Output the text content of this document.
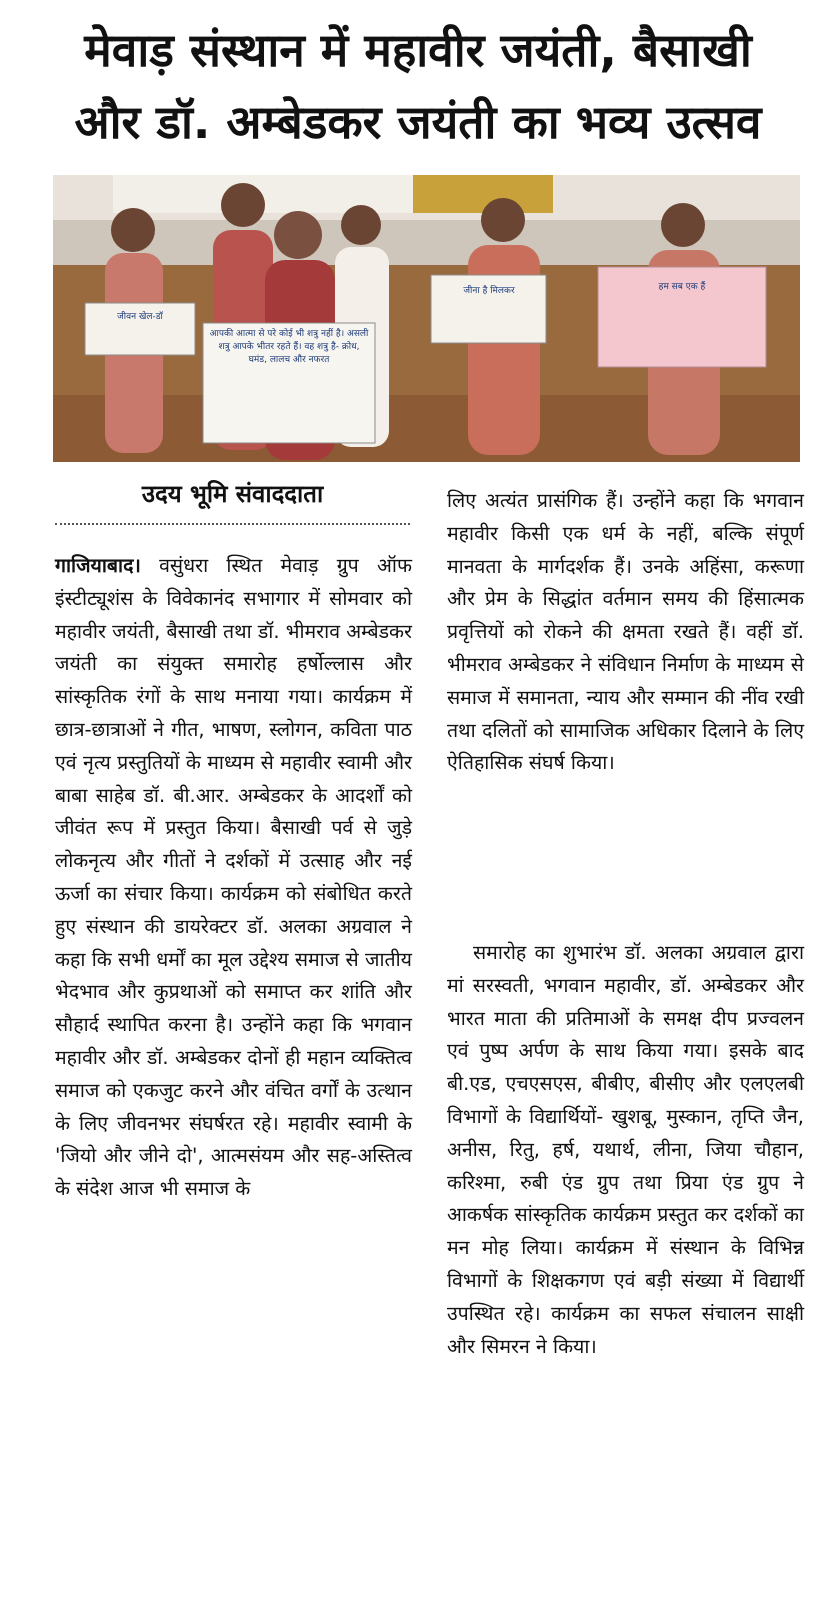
मेवाड़ संस्थान में महावीर जयंती, बैसाखी
और डॉ. अम्बेडकर जयंती का भव्य उत्सव
जीवन खेल-डॉ
आपकी आत्मा से परे कोई भी शत्रु नहीं है। असली शत्रु आपके भीतर रहते हैं। वह शत्रु है- क्रोध, घमंड, लालच और नफरत
जीना है मिलकर	हम सब एक हैं
उदय भूमि संवाददाता

गाजियाबाद। वसुंधरा स्थित मेवाड़ ग्रुप ऑफ इंस्टीट्यूशंस के विवेकानंद सभागार में सोमवार को महावीर जयंती, बैसाखी तथा डॉ. भीमराव अम्बेडकर जयंती का संयुक्त समारोह हर्षोल्लास और सांस्कृतिक रंगों के साथ मनाया गया। कार्यक्रम में छात्र-छात्राओं ने गीत, भाषण, स्लोगन, कविता पाठ एवं नृत्य प्रस्तुतियों के माध्यम से महावीर स्वामी और बाबा साहेब डॉ. बी.आर. अम्बेडकर के आदर्शों को जीवंत रूप में प्रस्तुत किया। बैसाखी पर्व से जुड़े लोकनृत्य और गीतों ने दर्शकों में उत्साह और नई ऊर्जा का संचार किया। कार्यक्रम को संबोधित करते हुए संस्थान की डायरेक्टर डॉ. अलका अग्रवाल ने कहा कि सभी धर्मों का मूल उद्देश्य समाज से जातीय भेदभाव और कुप्रथाओं को समाप्त कर शांति और सौहार्द स्थापित करना है। उन्होंने कहा कि भगवान महावीर और डॉ. अम्बेडकर दोनों ही महान व्यक्तित्व समाज को एकजुट करने और वंचित वर्गों के उत्थान के लिए जीवनभर संघर्षरत रहे। महावीर स्वामी के 'जियो और जीने दो', आत्मसंयम और सह-अस्तित्व के संदेश आज भी समाज के

लिए अत्यंत प्रासंगिक हैं। उन्होंने कहा कि भगवान महावीर किसी एक धर्म के नहीं, बल्कि संपूर्ण मानवता के मार्गदर्शक हैं। उनके अहिंसा, करूणा और प्रेम के सिद्धांत वर्तमान समय की हिंसात्मक प्रवृत्तियों को रोकने की क्षमता रखते हैं। वहीं डॉ. भीमराव अम्बेडकर ने संविधान निर्माण के माध्यम से समाज में समानता, न्याय और सम्मान की नींव रखी तथा दलितों को सामाजिक अधिकार दिलाने के लिए ऐतिहासिक संघर्ष किया।

समारोह का शुभारंभ डॉ. अलका अग्रवाल द्वारा मां सरस्वती, भगवान महावीर, डॉ. अम्बेडकर और भारत माता की प्रतिमाओं के समक्ष दीप प्रज्वलन एवं पुष्प अर्पण के साथ किया गया। इसके बाद बी.एड, एचएसएस, बीबीए, बीसीए और एलएलबी विभागों के विद्यार्थियों- खुशबू, मुस्कान, तृप्ति जैन, अनीस, रितु, हर्ष, यथार्थ, लीना, जिया चौहान, करिश्मा, रुबी एंड ग्रुप तथा प्रिया एंड ग्रुप ने आकर्षक सांस्कृतिक कार्यक्रम प्रस्तुत कर दर्शकों का मन मोह लिया। कार्यक्रम में संस्थान के विभिन्न विभागों के शिक्षकगण एवं बड़ी संख्या में विद्यार्थी उपस्थित रहे। कार्यक्रम का सफल संचालन साक्षी और सिमरन ने किया।
